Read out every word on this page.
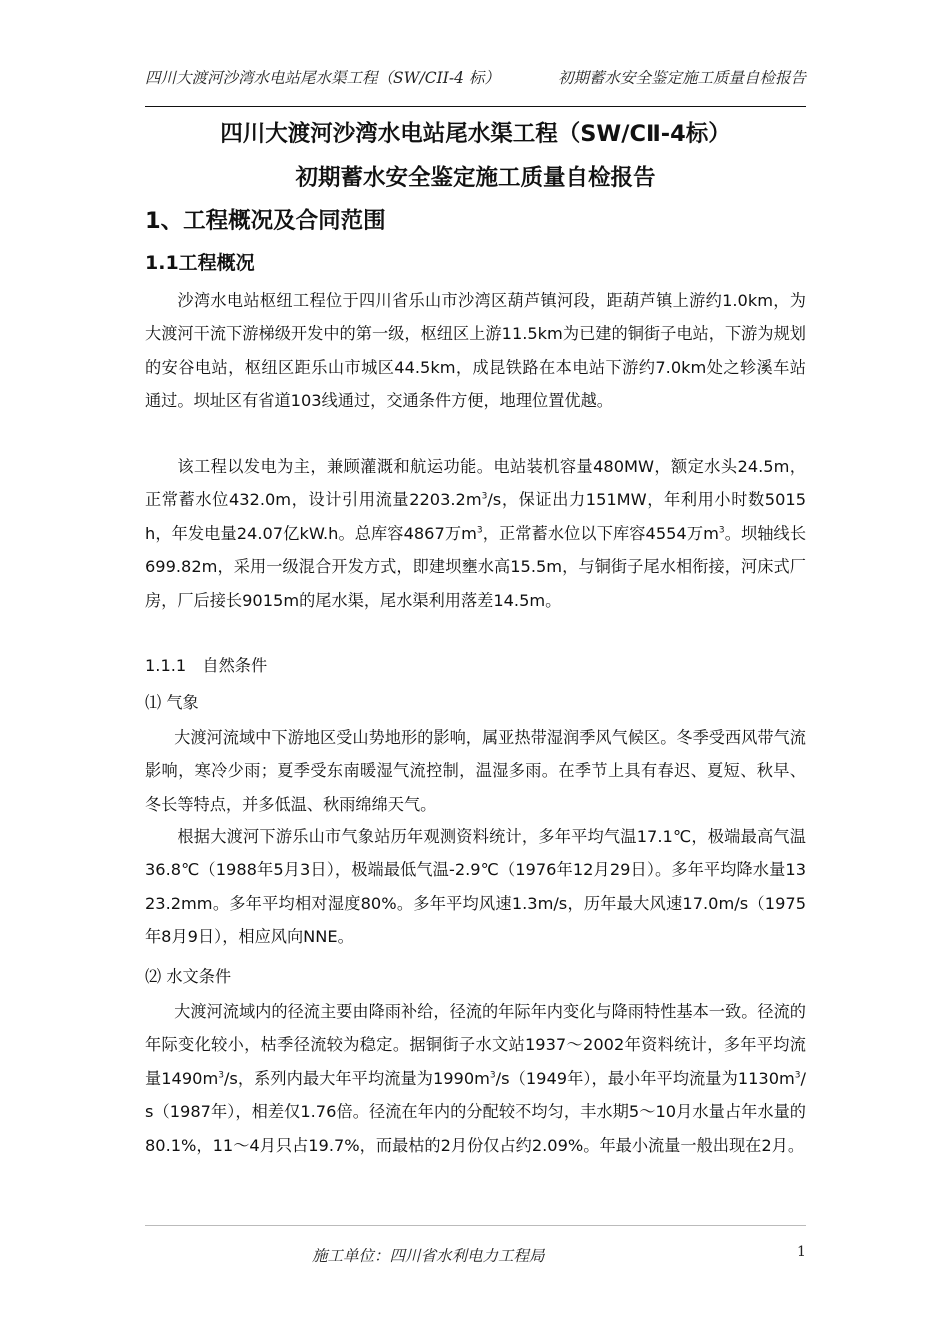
四川大渡河沙湾水电站尾水渠工程（SW/CII-4 标）	初期蓄水安全鉴定施工质量自检报告
四川大渡河沙湾水电站尾水渠工程（SW/CⅡ-4标）
初期蓄水安全鉴定施工质量自检报告
1、工程概况及合同范围
1.1工程概况
沙湾水电站枢纽工程位于四川省乐山市沙湾区葫芦镇河段，距葫芦镇上游约1.0km，为大渡河干流下游梯级开发中的第一级，枢纽区上游11.5km为已建的铜街子电站，下游为规划的安谷电站，枢纽区距乐山市城区44.5km，成昆铁路在本电站下游约7.0km处之轸溪车站通过。坝址区有省道103线通过，交通条件方便，地理位置优越。
该工程以发电为主，兼顾灌溉和航运功能。电站装机容量480MW，额定水头24.5m，正常蓄水位432.0m，设计引用流量$2203.2m^3/s$，保证出力151MW，年利用小时数5015h，年发电量24.07亿kW.h。总库容4867万$m^3$，正常蓄水位以下库容4554万$m^3$。坝轴线长699.82m，采用一级混合开发方式，即建坝壅水高15.5m，与铜街子尾水相衔接，河床式厂房，厂后接长9015m的尾水渠，尾水渠利用落差14.5m。
1.1.1　自然条件
⑴ 气象
大渡河流域中下游地区受山势地形的影响，属亚热带湿润季风气候区。冬季受西风带气流影响，寒冷少雨；夏季受东南暖湿气流控制，温湿多雨。在季节上具有春迟、夏短、秋早、冬长等特点，并多低温、秋雨绵绵天气。
根据大渡河下游乐山市气象站历年观测资料统计，多年平均气温17.1℃，极端最高气温36.8℃（1988年5月3日），极端最低气温-2.9℃（1976年12月29日）。多年平均降水量1323.2mm。多年平均相对湿度80%。多年平均风速1.3m/s，历年最大风速17.0m/s（1975年8月9日），相应风向NNE。
⑵ 水文条件
大渡河流域内的径流主要由降雨补给，径流的年际年内变化与降雨特性基本一致。径流的年际变化较小，枯季径流较为稳定。据铜街子水文站1937～2002年资料统计，多年平均流量$1490m^3/s$，系列内最大年平均流量为$1990m^3/s(1949$年），最小年平均流量为$1130m^3/s(1987$年），相差仅1.76倍。径流在年内的分配较不均匀，丰水期5～10月水量占年水量的80.1%，11～4月只占19.7%，而最枯的2月份仅占约2.09%。年最小流量一般出现在2月。
施工单位：四川省水利电力工程局	1
